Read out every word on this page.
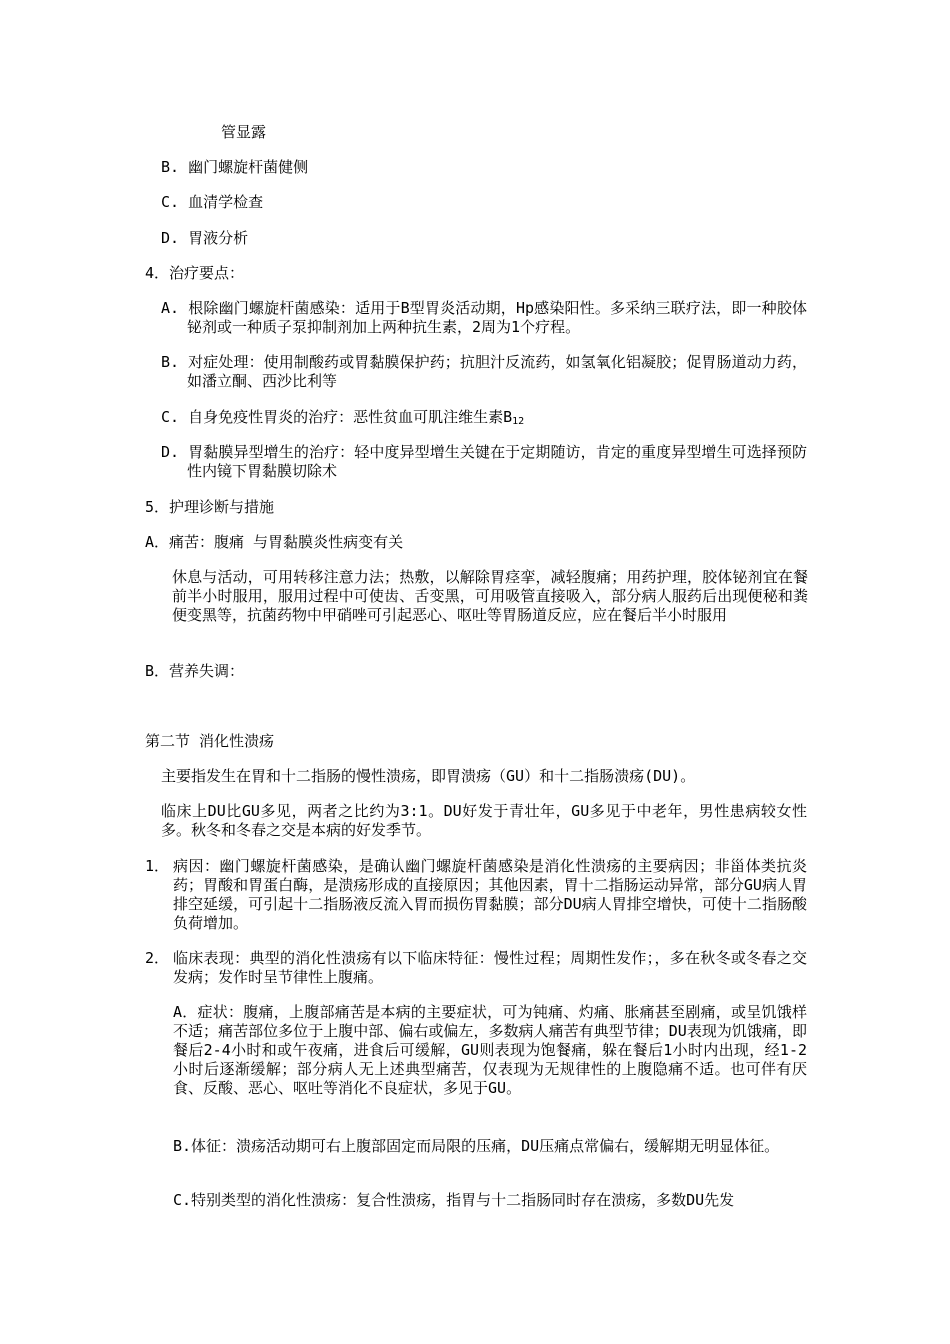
管显露
B. 幽门螺旋杆菌健侧
C. 血清学检查
D. 胃液分析
4．治疗要点：
A. 根除幽门螺旋杆菌感染：适用于B型胃炎活动期，Hp感染阳性。多采纳三联疗法，即一种胶体铋剂或一种质子泵抑制剂加上两种抗生素，2周为1个疗程。
B. 对症处理：使用制酸药或胃黏膜保护药；抗胆汁反流药，如氢氧化铝凝胶；促胃肠道动力药，如潘立酮、西沙比利等
C. 自身免疫性胃炎的治疗：恶性贫血可肌注维生素$B_{12}$
D. 胃黏膜异型增生的治疗：轻中度异型增生关键在于定期随访，肯定的重度异型增生可选择预防性内镜下胃黏膜切除术
5．护理诊断与措施
A．痛苦：腹痛 与胃黏膜炎性病变有关
休息与活动，可用转移注意力法；热敷，以解除胃痉挛，减轻腹痛；用药护理，胶体铋剂宜在餐前半小时服用，服用过程中可使齿、舌变黑，可用吸管直接吸入，部分病人服药后出现便秘和粪便变黑等，抗菌药物中甲硝唑可引起恶心、呕吐等胃肠道反应，应在餐后半小时服用
B．营养失调：
第二节 消化性溃疡
主要指发生在胃和十二指肠的慢性溃疡，即胃溃疡（GU）和十二指肠溃疡(DU)。
临床上DU比GU多见，两者之比约为3:1。DU好发于青壮年，GU多见于中老年，男性患病较女性多。秋冬和冬春之交是本病的好发季节。
1． 病因：幽门螺旋杆菌感染，是确认幽门螺旋杆菌感染是消化性溃疡的主要病因；非甾体类抗炎药；胃酸和胃蛋白酶，是溃疡形成的直接原因；其他因素，胃十二指肠运动异常，部分GU病人胃排空延缓，可引起十二指肠液反流入胃而损伤胃黏膜；部分DU病人胃排空增快，可使十二指肠酸负荷增加。
2． 临床表现：典型的消化性溃疡有以下临床特征：慢性过程；周期性发作；，多在秋冬或冬春之交发病；发作时呈节律性上腹痛。
A．症状：腹痛，上腹部痛苦是本病的主要症状，可为钝痛、灼痛、胀痛甚至剧痛，或呈饥饿样不适；痛苦部位多位于上腹中部、偏右或偏左，多数病人痛苦有典型节律；DU表现为饥饿痛，即餐后2-4小时和或午夜痛，进食后可缓解，GU则表现为饱餐痛，躲在餐后1小时内出现，经1-2小时后逐渐缓解；部分病人无上述典型痛苦，仅表现为无规律性的上腹隐痛不适。也可伴有厌食、反酸、恶心、呕吐等消化不良症状，多见于GU。
B.体征：溃疡活动期可右上腹部固定而局限的压痛，DU压痛点常偏右，缓解期无明显体征。
C.特别类型的消化性溃疡：复合性溃疡，指胃与十二指肠同时存在溃疡，多数DU先发
